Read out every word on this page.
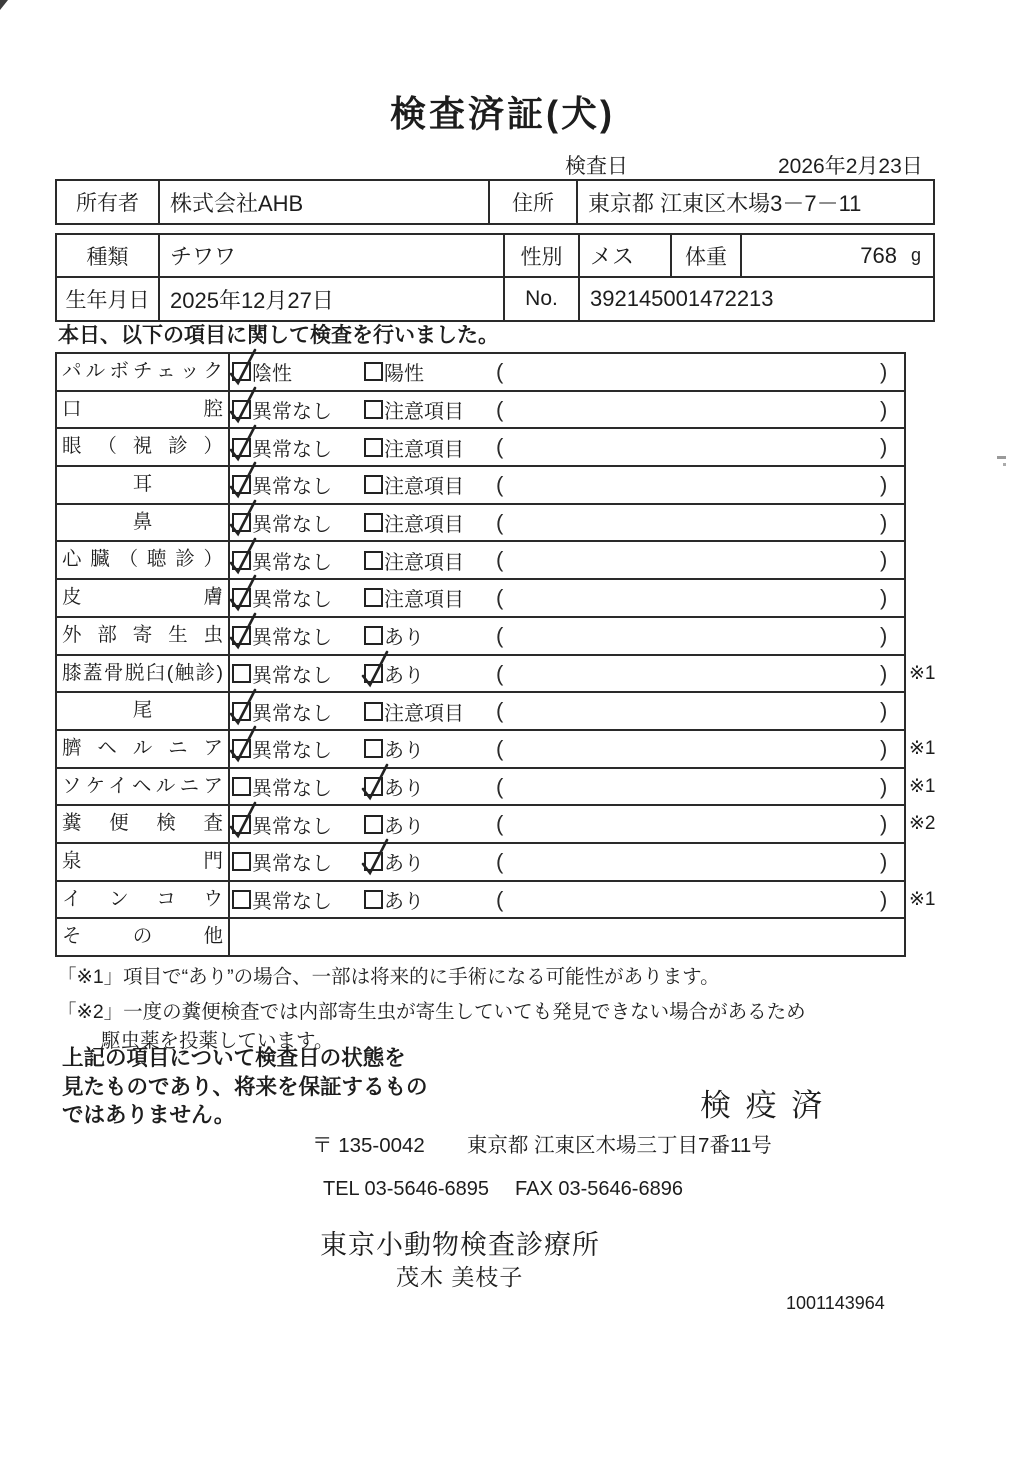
検査済証(犬)
検査日	2026年2月23日
所有者	株式会社AHB	住所	東京都 江東区木場3－7－11
種類	チワワ	性別	メス	体重	768 g
生年月日 2025年12月27日	No.	392145001472213
本日、以下の項目に関して検査を行いました。
パルボチェック	陰性	陽性	(	)
口腔	異常なし	注意項目 (	)
眼（視診）	異常なし	注意項目 (	)
耳	異常なし	注意項目 (	)
鼻	異常なし	注意項目 (	)
心臓（聴診）	異常なし	注意項目 (	)
皮膚	異常なし	注意項目 (	)
外部寄生虫	異常なし	あり	(	)
膝蓋骨脱臼(触診)	異常なし	あり	(	) ※1
尾	異常なし	注意項目 (	)
臍ヘルニア	異常なし	あり	(	) ※1
ソケイヘルニア	異常なし	あり	(	) ※1
糞便検査	異常なし	あり	(	) ※2
泉門	異常なし	あり	(	)
インコウ	異常なし	あり	(	) ※1
その他
「※1」項目で“あり”の場合、一部は将来的に手術になる可能性があります。
「※2」一度の糞便検査では内部寄生虫が寄生していても発見できない場合があるため
駆虫薬を投薬しています。
上記の項目について検査日の状態を
見たものであり、将来を保証するもの
ではありません。	検 疫 済
〒 135-0042 東京都 江東区木場三丁目7番11号
TEL 03-5646-6895 FAX 03-5646-6896
東京小動物検査診療所
茂木 美枝子
1001143964
